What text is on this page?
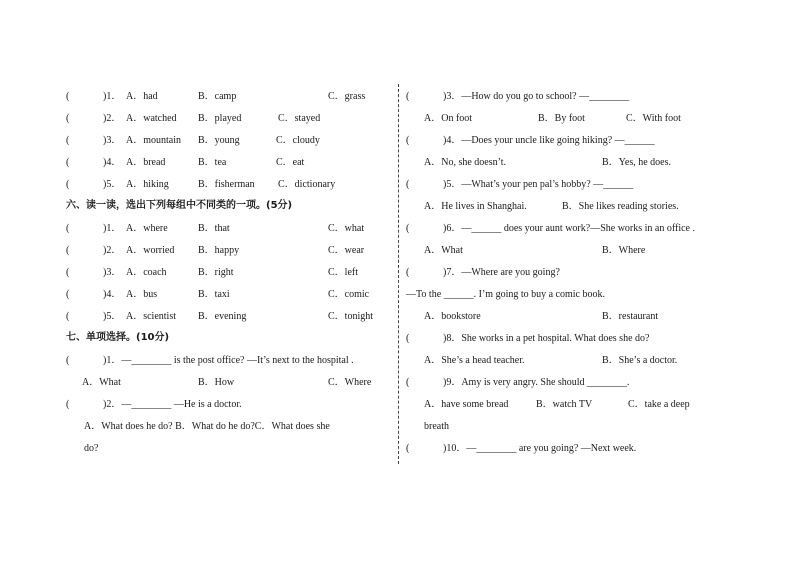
(	)1． A．had	B．camp	C．grass
(	)2． A．watched B．played	C．stayed
(	)3． A．mountain B．young	C．cloudy
(	)4． A．bread	B．tea	C．eat
(	)5． A．hiking	B．fisherman C．dictionary
六、读一读，选出下列每组中不同类的一项。(5分)
(	)1． A．where	B．that	C．what
(	)2． A．worried B．happy	C．wear
(	)3． A．coach	B．right	C．left
(	)4． A．bus	B．taxi	C．comic
(	)5． A．scientist B．evening	C．tonight
七、单项选择。(10分)
(	)1．—________ is the post office? —It’s next to the hospital .
A．What	B．How	C．Where
(	)2．—________ —He is a doctor.
A．What does he do? B．What do he do?C．What does she
do?
(	)3．—How do you go to school? —________
A．On foot	B．By foot	C．With foot
(	)4．—Does your uncle like going hiking? —______
A．No, she doesn’t.	B．Yes, he does.
(	)5．—What’s your pen pal’s hobby? —______
A．He lives in Shanghai.	B．She likes reading stories.
(	)6．—______ does your aunt work?—She works in an office .
A．What	B．Where
(	)7．—Where are you going?
—To the ______. I’m going to buy a comic book.
A．bookstore	B．restaurant
(	)8．She works in a pet hospital. What does she do?
A．She’s a head teacher.	B．She’s a doctor.
(	)9．Amy is very angry. She should ________.
A．have some bread	B．watch TV	C．take a deep
breath
(	)10．—________ are you going? —Next week.
